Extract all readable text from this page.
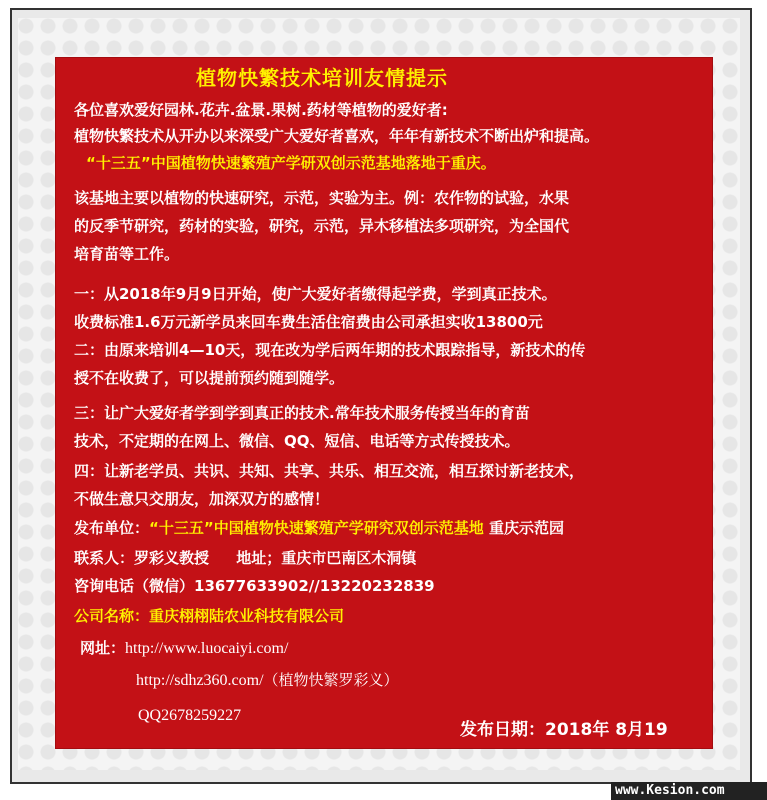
植物快繁技术培训友情提示
各位喜欢爱好园林.花卉.盆景.果树.药材等植物的爱好者:
植物快繁技术从开办以来深受广大爱好者喜欢，年年有新技术不断出炉和提高。
“十三五”中国植物快速繁殖产学研双创示范基地落地于重庆。
该基地主要以植物的快速研究，示范，实验为主。例：农作物的试验，水果
的反季节研究，药材的实验，研究，示范，异木移植法多项研究，为全国代
培育苗等工作。
一：从2018年9月9日开始，使广大爱好者缴得起学费，学到真正技术。
收费标准1.6万元新学员来回车费生活住宿费由公司承担实收13800元
二：由原来培训4—10天，现在改为学后两年期的技术跟踪指导，新技术的传
授不在收费了，可以提前预约随到随学。
三：让广大爱好者学到学到真正的技术.常年技术服务传授当年的育苗
技术，不定期的在网上、微信、QQ、短信、电话等方式传授技术。
四：让新老学员、共识、共知、共享、共乐、相互交流，相互探讨新老技术，
不做生意只交朋友，加深双方的感情！
发布单位：“十三五”中国植物快速繁殖产学研究双创示范基地 重庆示范园
联系人：罗彩义教授 地址；重庆市巴南区木洞镇
咨询电话（微信）13677633902//13220232839
公司名称：重庆栩栩陆农业科技有限公司
网址：http://www.luocaiyi.com/
http://sdhz360.com/（植物快繁罗彩义）
QQ2678259227
发布日期：2018年 8月19
www.Kesion.com
